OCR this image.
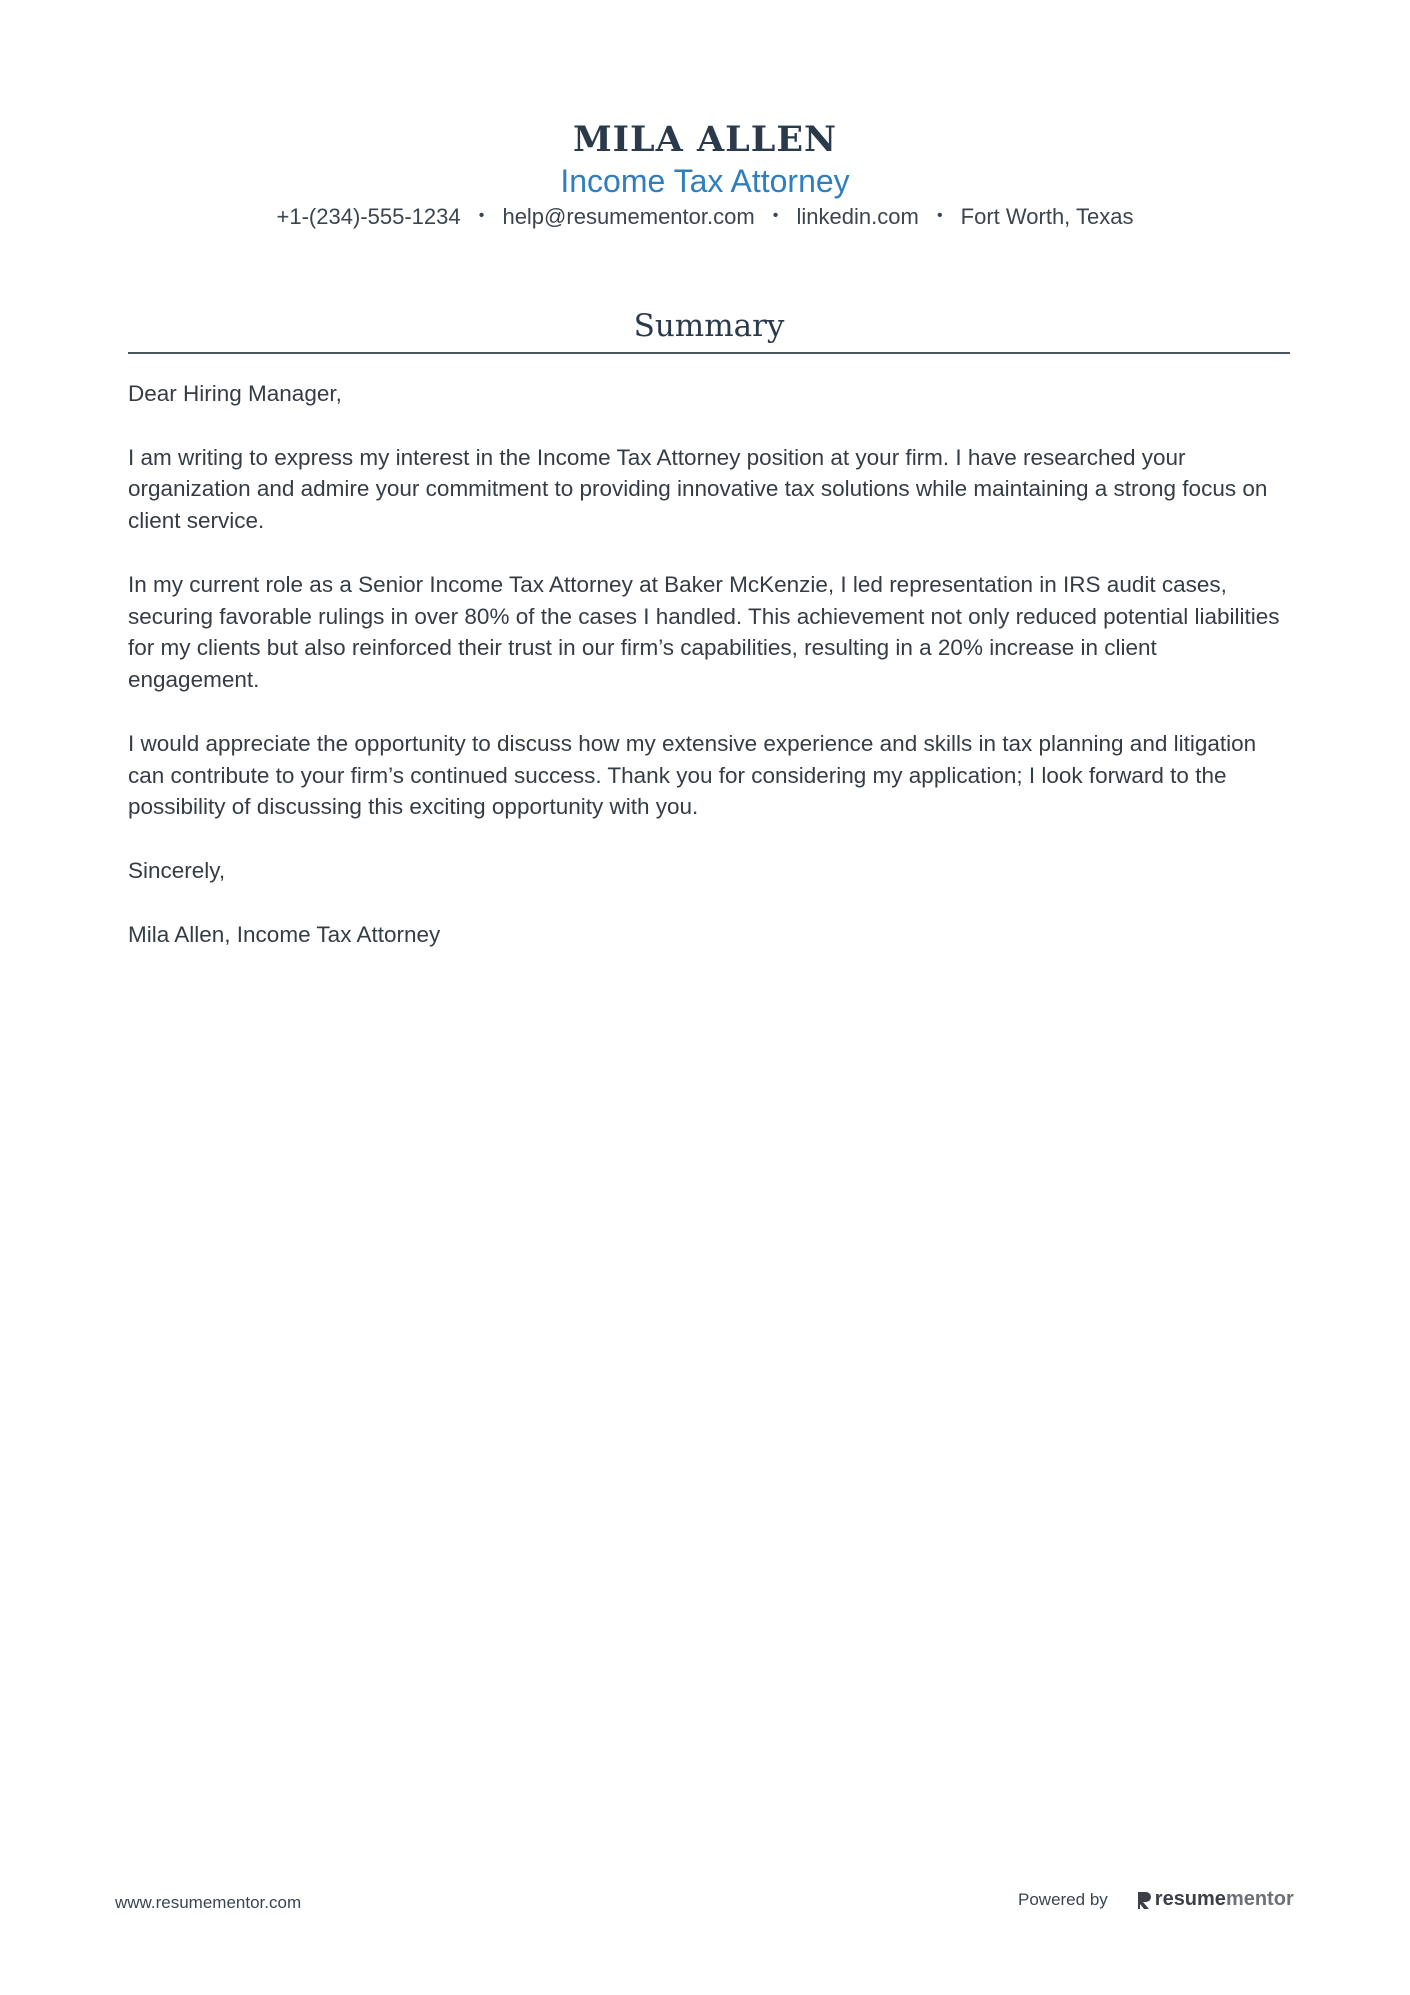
MILA ALLEN
Income Tax Attorney
+1-(234)-555-1234 • help@resumementor.com • linkedin.com • Fort Worth, Texas
Summary

Dear Hiring Manager,

I am writing to express my interest in the Income Tax Attorney position at your firm. I have researched your organization and admire your commitment to providing innovative tax solutions while maintaining a strong focus on client service.

In my current role as a Senior Income Tax Attorney at Baker McKenzie, I led representation in IRS audit cases, securing favorable rulings in over 80% of the cases I handled. This achievement not only reduced potential liabilities for my clients but also reinforced their trust in our firm’s capabilities, resulting in a 20% increase in client engagement.

I would appreciate the opportunity to discuss how my extensive experience and skills in tax planning and litigation can contribute to your firm’s continued success. Thank you for considering my application; I look forward to the possibility of discussing this exciting opportunity with you.

Sincerely,

Mila Allen, Income Tax Attorney

www.resumementor.com	Powered by resume mentor
